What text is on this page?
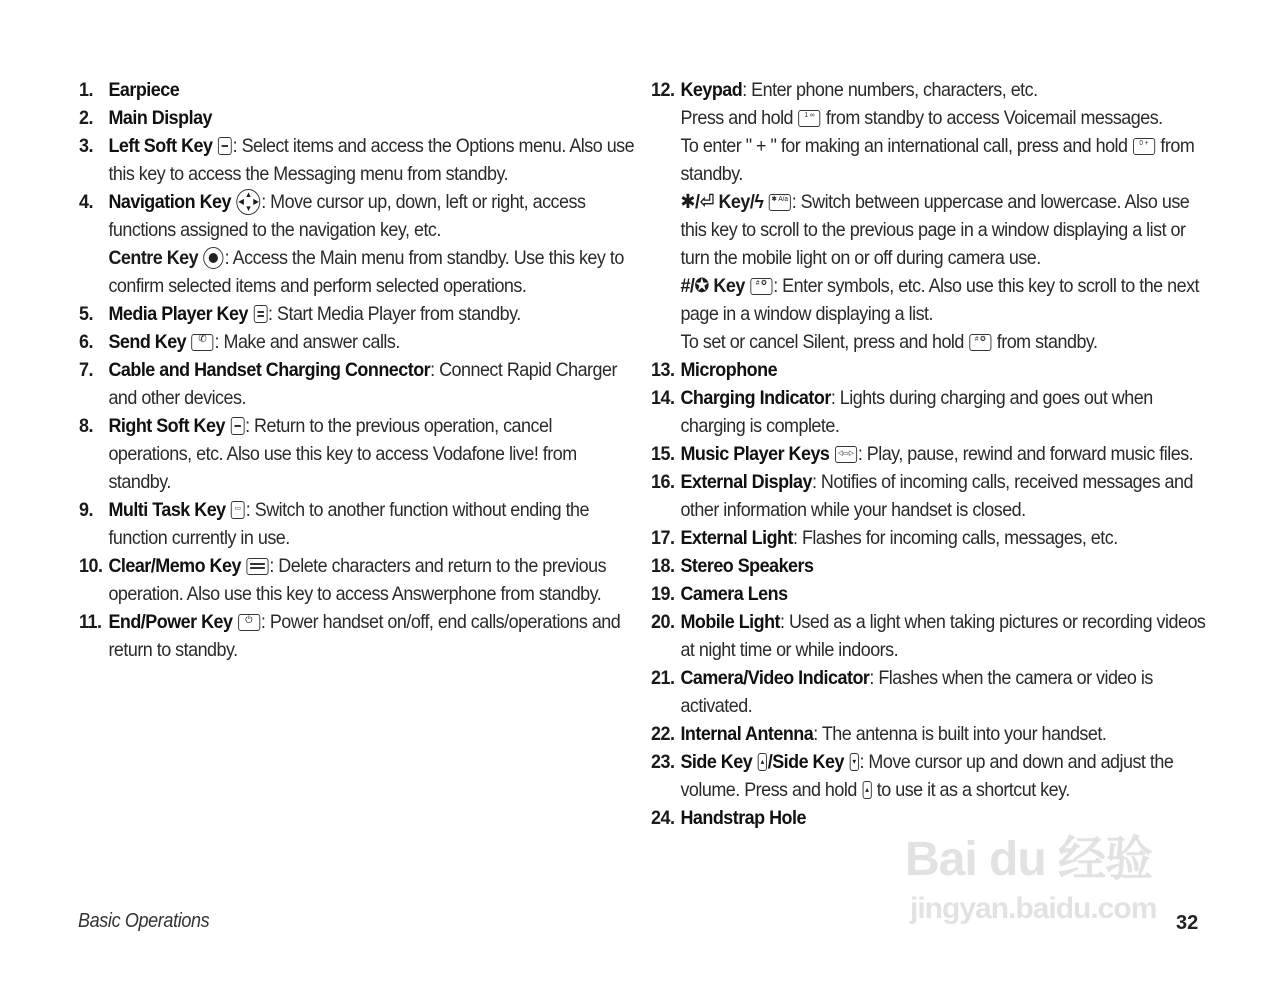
1. Earpiece
2. Main Display
3. Left Soft Key : Select items and access the Options menu. Also use this key to access the Messaging menu from standby.
4. Navigation Key	▲
▼
◀	▶ : Move cursor up, down, left or right, access functions assigned to the navigation key, etc.
Centre Key : Access the Main menu from standby. Use this key to confirm selected items and perform selected operations.
5. Media Player Key : Start Media Player from standby.
6. Send Key	✆ : Make and answer calls.
7. Cable and Handset Charging Connector: Connect Rapid Charger and other devices.
8. Right Soft Key : Return to the previous operation, cancel operations, etc. Also use this key to access Vodafone live! from standby.
9. Multi Task Key ▭ : Switch to another function without ending the function currently in use.
10. Clear/Memo Key : Delete characters and return to the previous operation. Also use this key to access Answerphone from standby.
11. End/Power Key	⏻ : Power handset on/off, end calls/operations and return to standby.
12. Keypad: Enter phone numbers, characters, etc.
Press and hold	1 ∞ from standby to access Voicemail messages.
To enter " + " for making an international call, press and hold	0 + from standby.
✱/⏎ Key/ϟ ✱ A/a : Switch between uppercase and lowercase. Also use this key to scroll to the previous page in a window displaying a list or turn the mobile light on or off during camera use.
#/✪ Key	# ✪ : Enter symbols, etc. Also use this key to scroll to the next page in a window displaying a list.
To set or cancel Silent, press and hold	# ✪ from standby.
13. Microphone
14. Charging Indicator: Lights during charging and goes out when charging is complete.
15. Music Player Keys ◁▭▷ : Play, pause, rewind and forward music files.
16. External Display: Notifies of incoming calls, received messages and other information while your handset is closed.
17. External Light: Flashes for incoming calls, messages, etc.
18. Stereo Speakers
19. Camera Lens
20. Mobile Light: Used as a light when taking pictures or recording videos at night time or while indoors.
21. Camera/Video Indicator: Flashes when the camera or video is activated.
22. Internal Antenna: The antenna is built into your handset.
23. Side Key ▴ /Side Key ▾ : Move cursor up and down and adjust the volume. Press and hold ▴ to use it as a shortcut key.
24. Handstrap Hole
Basic Operations	32
Bai du 经验
jingyan.baidu.com
